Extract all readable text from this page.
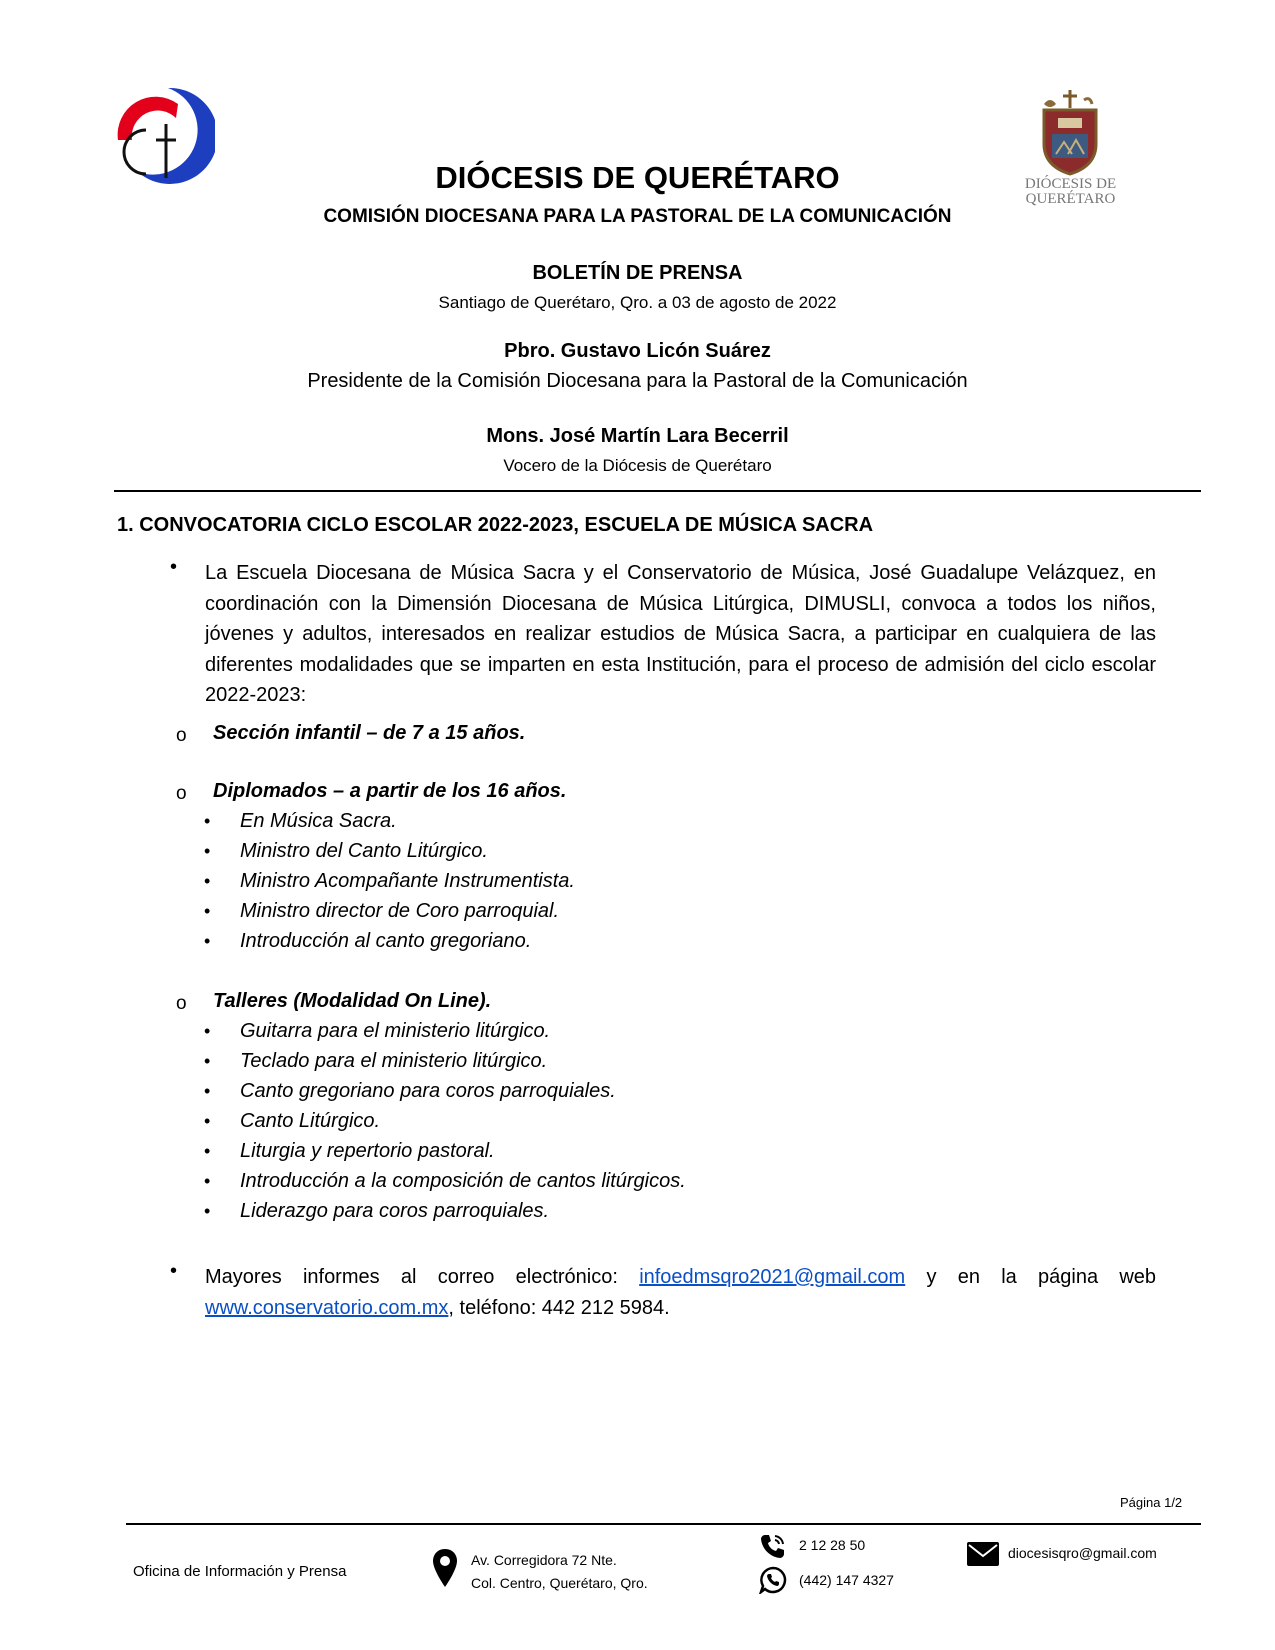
DIÓCESIS DE
QUERÉTARO
DIÓCESIS DE QUERÉTARO
COMISIÓN DIOCESANA PARA LA PASTORAL DE LA COMUNICACIÓN
BOLETÍN DE PRENSA
Santiago de Querétaro, Qro. a 03 de agosto de 2022
Pbro. Gustavo Licón Suárez
Presidente de la Comisión Diocesana para la Pastoral de la Comunicación
Mons. José Martín Lara Becerril
Vocero de la Diócesis de Querétaro
1. CONVOCATORIA CICLO ESCOLAR 2022-2023, ESCUELA DE MÚSICA SACRA
• La Escuela Diocesana de Música Sacra y el Conservatorio de Música, José Guadalupe Velázquez, en coordinación con la Dimensión Diocesana de Música Litúrgica, DIMUSLI, convoca a todos los niños, jóvenes y adultos, interesados en realizar estudios de Música Sacra, a participar en cualquiera de las diferentes modalidades que se imparten en esta Institución, para el proceso de admisión del ciclo escolar 2022-2023:
o Sección infantil – de 7 a 15 años.
o Diplomados – a partir de los 16 años.
• En Música Sacra.
• Ministro del Canto Litúrgico.
• Ministro Acompañante Instrumentista.
• Ministro director de Coro parroquial.
• Introducción al canto gregoriano.
o Talleres (Modalidad On Line).
• Guitarra para el ministerio litúrgico.
• Teclado para el ministerio litúrgico.
• Canto gregoriano para coros parroquiales.
• Canto Litúrgico.
• Liturgia y repertorio pastoral.
• Introducción a la composición de cantos litúrgicos.
• Liderazgo para coros parroquiales.
• Mayores informes al correo electrónico: infoedmsqro2021@gmail.com y en la página web www.conservatorio.com.mx, teléfono: 442 212 5984.
Página 1/2
Oficina de Información y Prensa
Av. Corregidora 72 Nte.
Col. Centro, Querétaro, Qro.
2 12 28 50
(442) 147 4327
diocesisqro@gmail.com
